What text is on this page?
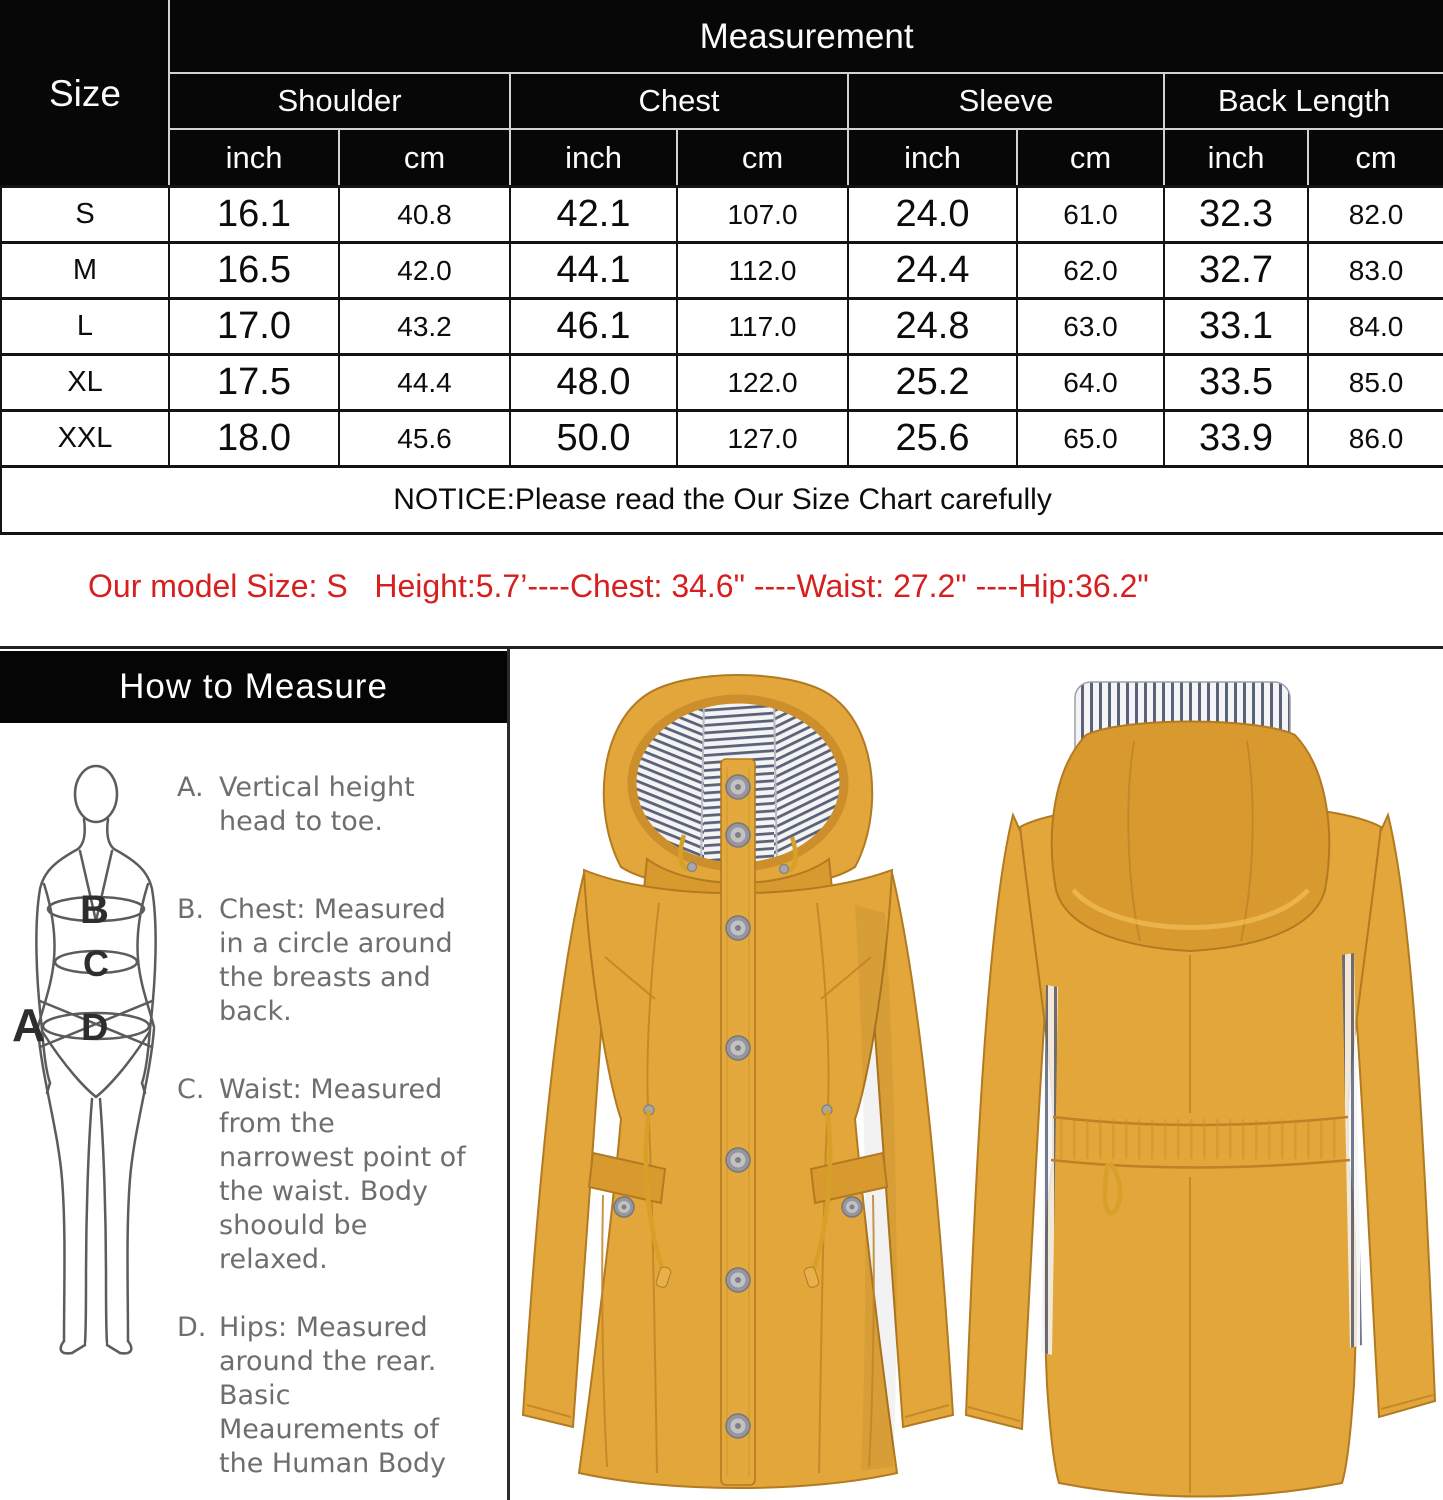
Size	Measurement							
	Shoulder		Chest		Sleeve		Back Length	
	inch	cm	inch	cm	inch	cm	inch	cm
S	16.1	40.8	42.1	107.0	24.0	61.0	32.3	82.0
M	16.5	42.0	44.1	112.0	24.4	62.0	32.7	83.0
L	17.0	43.2	46.1	117.0	24.8	63.0	33.1	84.0
XL	17.5	44.4	48.0	122.0	25.2	64.0	33.5	85.0
XXL	18.0	45.6	50.0	127.0	25.6	65.0	33.9	86.0
NOTICE:Please read the Our Size Chart carefully								
Our model Size: S   Height:5.7’----Chest: 34.6" ----Waist: 27.2" ----Hip:36.2"
How to Measure
B
C
D
A
A. Vertical height head to toe.
B. Chest: Measured in a circle around the breasts and back.
C. Waist: Measured from the narrowest point of the waist. Body shoould be relaxed.
D. Hips: Measured around the rear. Basic Meaurements of the Human Body
